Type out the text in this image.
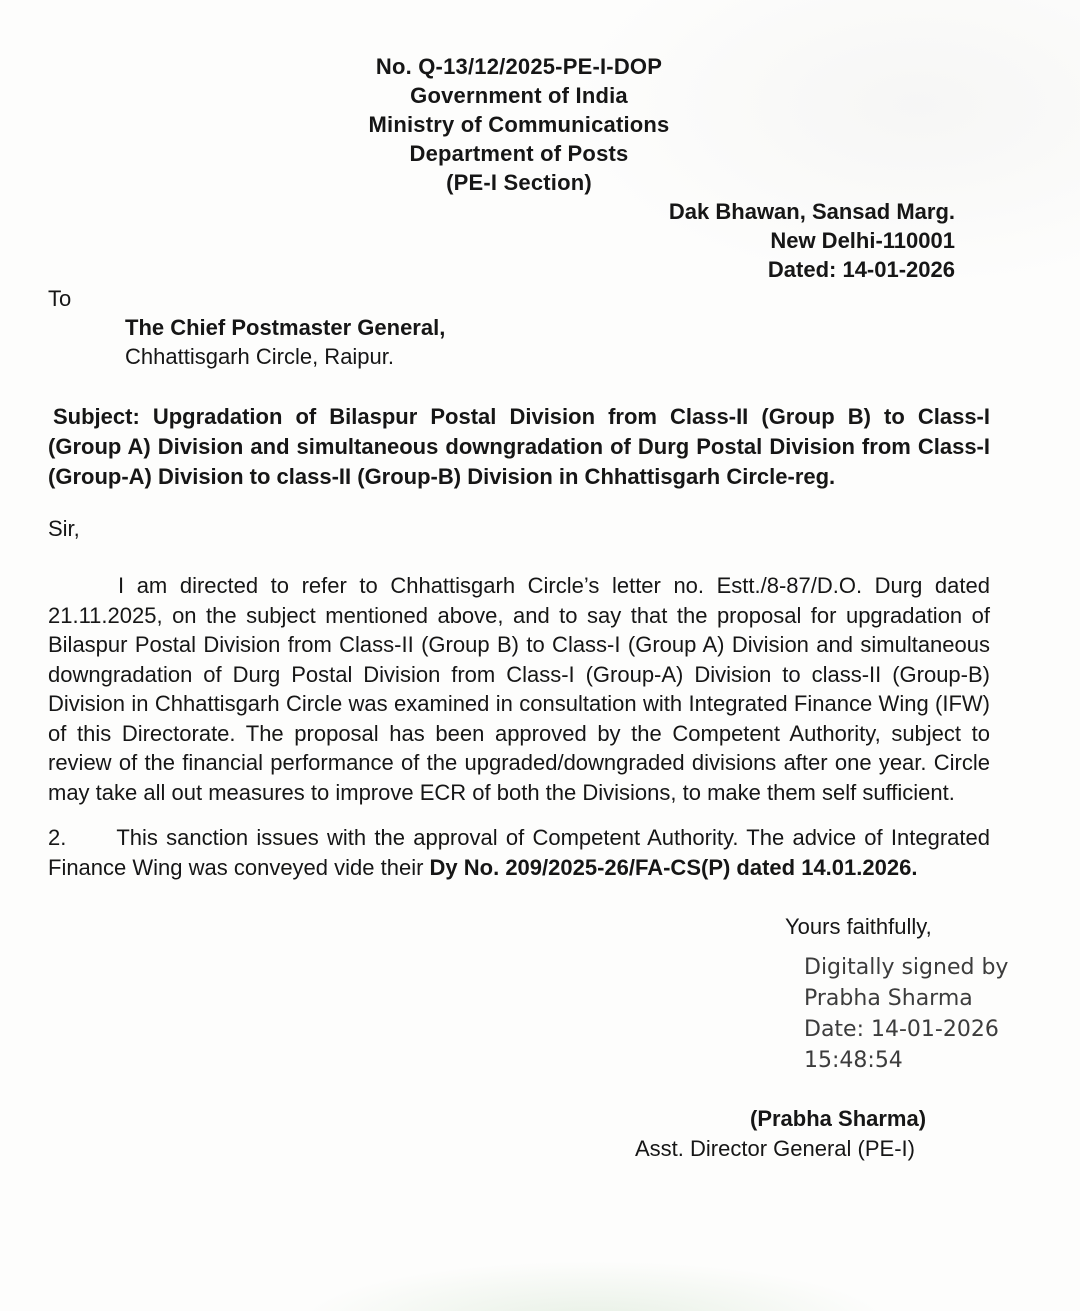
No. Q-13/12/2025-PE-I-DOP
Government of India
Ministry of Communications
Department of Posts
(PE-I Section)
Dak Bhawan, Sansad Marg.
New Delhi-110001
Dated: 14-01-2026
To
The Chief Postmaster General,
Chhattisgarh Circle, Raipur.
Subject: Upgradation of Bilaspur Postal Division from Class-II (Group B) to Class-I (Group A) Division and simultaneous downgradation of Durg Postal Division from Class-I (Group-A) Division to class-II (Group-B) Division in Chhattisgarh Circle-reg.
Sir,

I am directed to refer to Chhattisgarh Circle’s letter no. Estt./8-87/D.O. Durg dated 21.11.2025, on the subject mentioned above, and to say that the proposal for upgradation of Bilaspur Postal Division from Class-II (Group B) to Class-I (Group A) Division and simultaneous downgradation of Durg Postal Division from Class-I (Group-A) Division to class-II (Group-B) Division in Chhattisgarh Circle was examined in consultation with Integrated Finance Wing (IFW) of this Directorate. The proposal has been approved by the Competent Authority, subject to review of the financial performance of the upgraded/downgraded divisions after one year. Circle may take all out measures to improve ECR of both the Divisions, to make them self sufficient.

2. This sanction issues with the approval of Competent Authority. The advice of Integrated Finance Wing was conveyed vide their Dy No. 209/2025-26/FA-CS(P) dated 14.01.2026.

Yours faithfully,
Digitally signed by
Prabha Sharma
Date: 14-01-2026
15:48:54
(Prabha Sharma)
Asst. Director General (PE-I)
